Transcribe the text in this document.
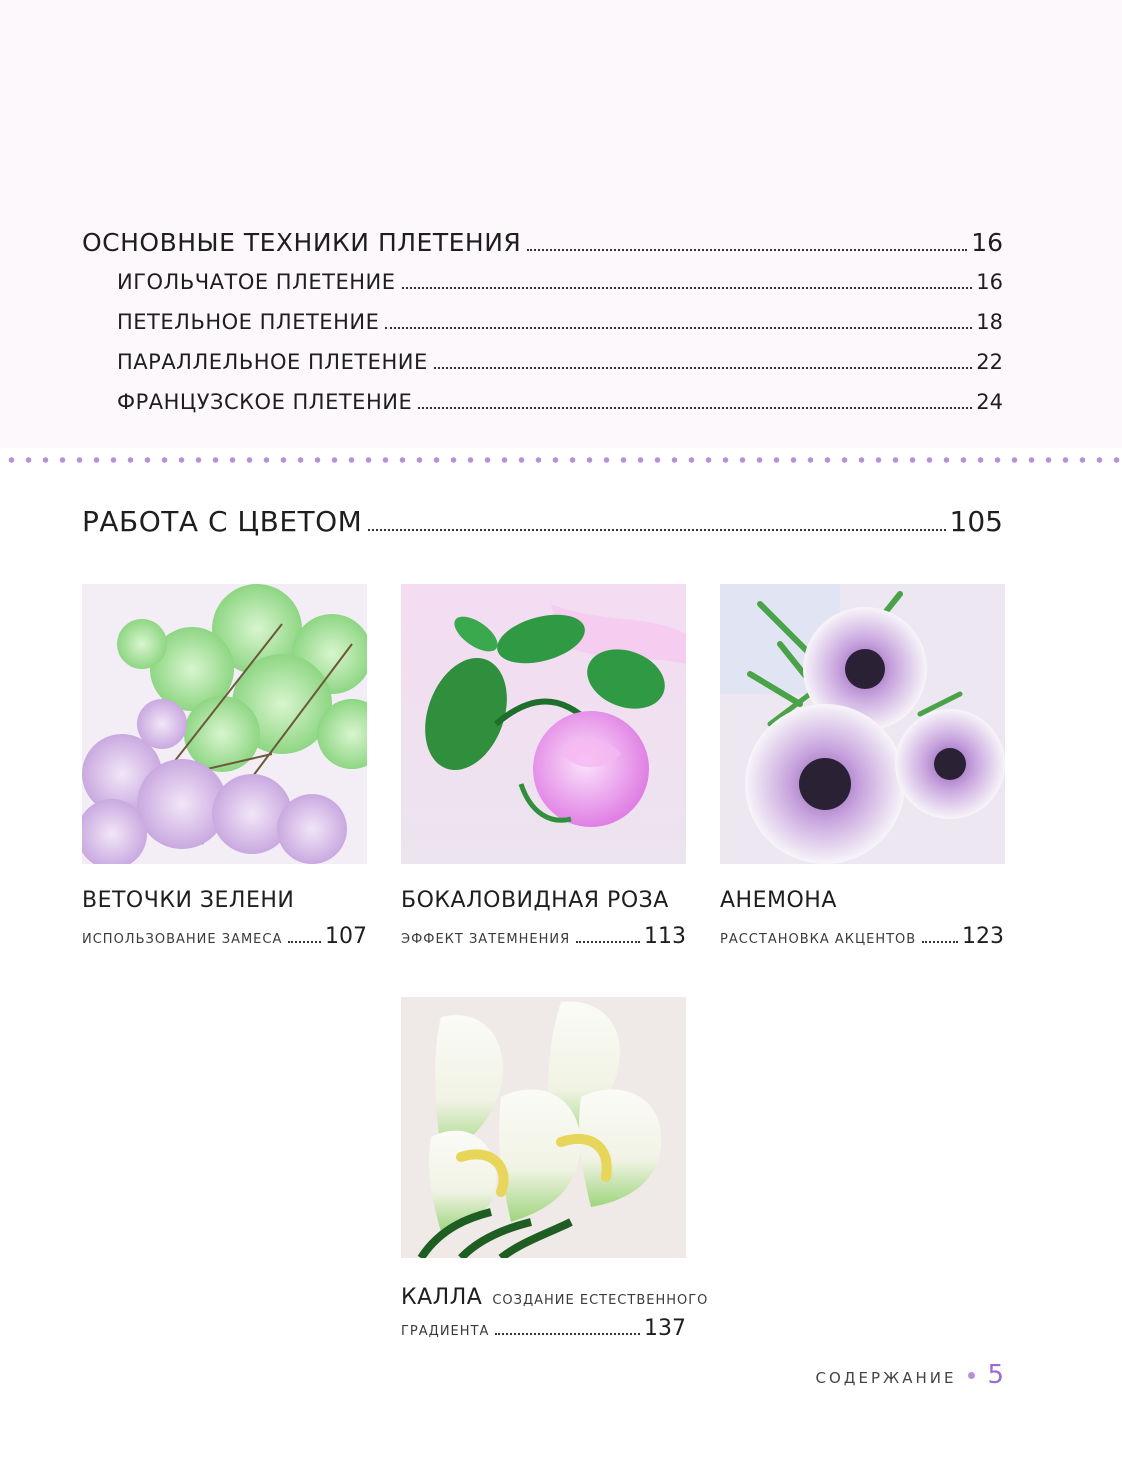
ОСНОВНЫЕ ТЕХНИКИ ПЛЕТЕНИЯ	16
ИГОЛЬЧАТОЕ ПЛЕТЕНИЕ	16
ПЕТЕЛЬНОЕ ПЛЕТЕНИЕ	18
ПАРАЛЛЕЛЬНОЕ ПЛЕТЕНИЕ	22
ФРАНЦУЗСКОЕ ПЛЕТЕНИЕ	24
РАБОТА С ЦВЕТОМ	105
ВЕТОЧКИ ЗЕЛЕНИ
ИСПОЛЬЗОВАНИЕ ЗАМЕСА 107
БОКАЛОВИДНАЯ РОЗА
ЭФФЕКТ ЗАТЕМНЕНИЯ	113
АНЕМОНА
РАССТАНОВКА АКЦЕНТОВ 123
КАЛЛА СОЗДАНИЕ ЕСТЕСТВЕННОГО
ГРАДИЕНТА	137
СОДЕРЖАНИЕ 5
